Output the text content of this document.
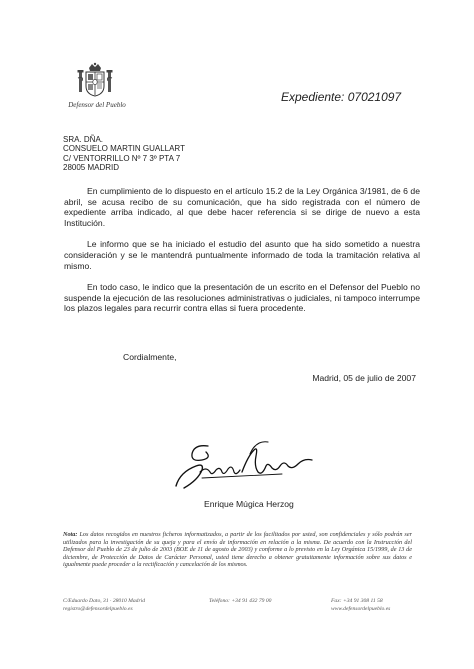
Defensor del Pueblo
Expediente: 07021097
SRA. DÑA.
CONSUELO MARTIN GUALLART
C/ VENTORRILLO Nº 7 3º PTA 7
28005 MADRID

En cumplimiento de lo dispuesto en el artículo 15.2 de la Ley Orgánica 3/1981, de 6 de abril, se acusa recibo de su comunicación, que ha sido registrada con el número de expediente arriba indicado, al que debe hacer referencia si se dirige de nuevo a esta Institución.

Le informo que se ha iniciado el estudio del asunto que ha sido sometido a nuestra consideración y se le mantendrá puntualmente informado de toda la tramitación relativa al mismo.

En todo caso, le indico que la presentación de un escrito en el Defensor del Pueblo no suspende la ejecución de las resoluciones administrativas o judiciales, ni tampoco interrumpe los plazos legales para recurrir contra ellas si fuera procedente.

Cordialmente,
Madrid, 05 de julio de 2007
Enrique Múgica Herzog
Nota: Los datos recogidos en nuestros ficheros informatizados, a partir de los facilitados por usted, son confidenciales y sólo podrán ser utilizados para la investigación de su queja y para el envío de información en relación a la misma. De acuerdo con la Instrucción del Defensor del Pueblo de 23 de julio de 2003 (BOE de 11 de agosto de 2003) y conforme a lo previsto en la Ley Orgánica 15/1999, de 13 de diciembre, de Protección de Datos de Carácter Personal, usted tiene derecho a obtener gratuitamente información sobre sus datos e igualmente puede proceder a la rectificación y cancelación de los mismos.
C/Eduardo Dato, 31 · 28010 Madrid
registro@defensordelpueblo.es
Teléfono: +34 91 432 79 00	Fax: +34 91 308 11 58
www.defensordelpueblo.es
